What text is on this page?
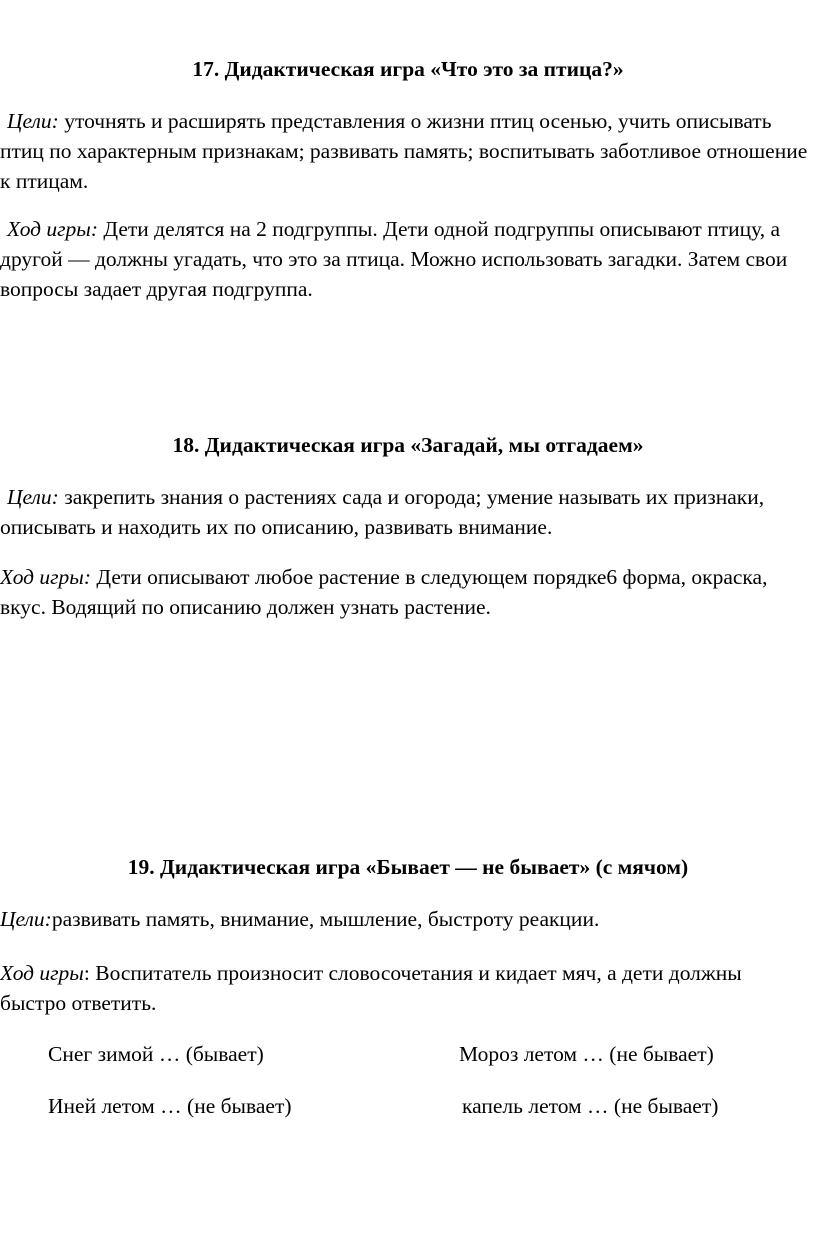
17. Дидактическая игра «Что это за птица?»

Цели: уточнять и расширять представления о жизни птиц осенью, учить описывать птиц по характерным признакам; развивать память; воспитывать заботливое отношение к птицам.

Ход игры: Дети делятся на 2 подгруппы. Дети одной подгруппы описывают птицу, а другой — должны угадать, что это за птица. Можно использовать загадки. Затем свои вопросы задает другая подгруппа.

18. Дидактическая игра «Загадай, мы отгадаем»

Цели: закрепить знания о растениях сада и огорода; умение называть их признаки, описывать и находить их по описанию, развивать внимание.

Ход игры: Дети описывают любое растение в следующем порядке6 форма, окраска, вкус. Водящий по описанию должен узнать растение.

19. Дидактическая игра «Бывает — не бывает» (с мячом)

Цели:развивать память, внимание, мышление, быстроту реакции.

Ход игры: Воспитатель произносит словосочетания и кидает мяч, а дети должны быстро ответить.

Снег зимой … (бывает)	Мороз летом … (не бывает)

Иней летом … (не бывает)	капель летом … (не бывает)
